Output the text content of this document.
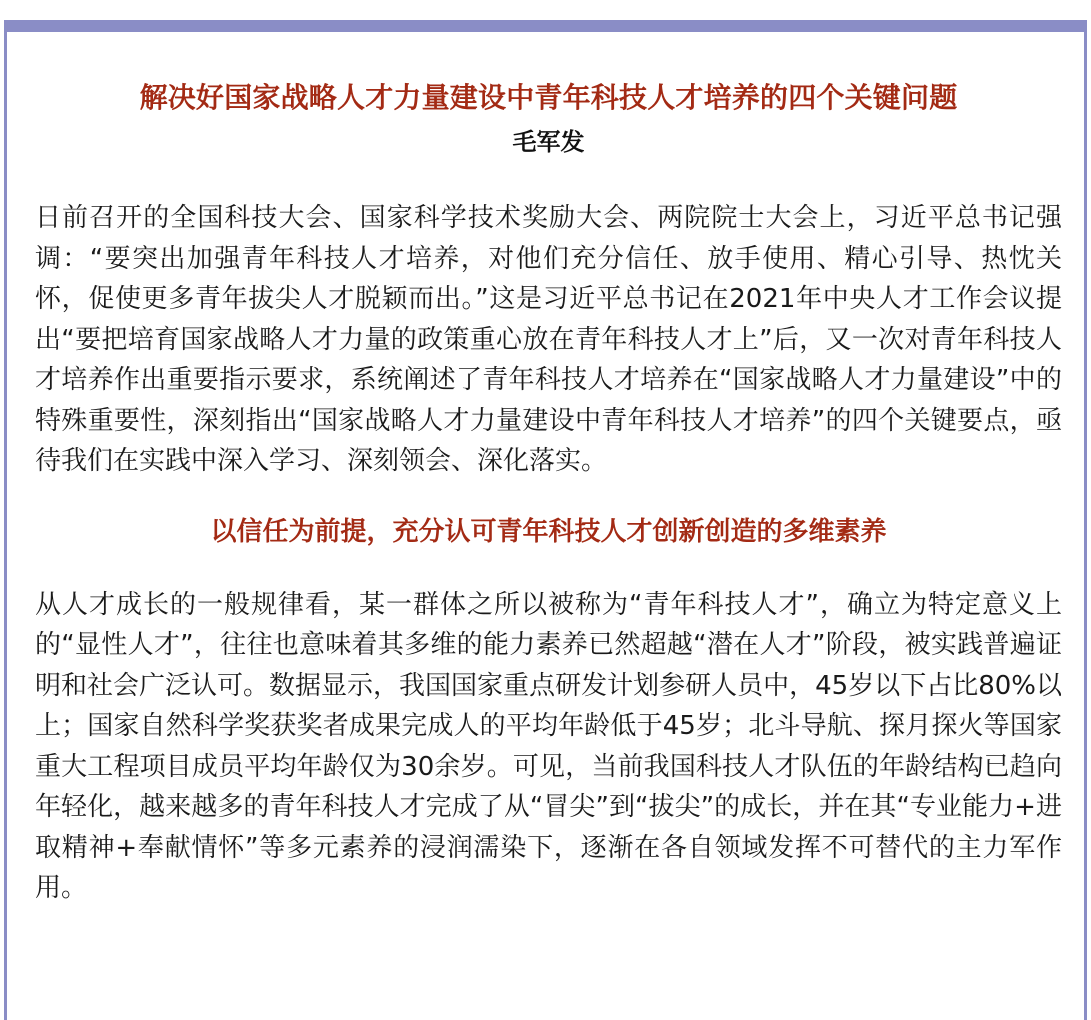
解决好国家战略人才力量建设中青年科技人才培养的四个关键问题
毛军发

日前召开的全国科技大会、国家科学技术奖励大会、两院院士大会上，习近平总书记强调：“要突出加强青年科技人才培养，对他们充分信任、放手使用、精心引导、热忱关怀，促使更多青年拔尖人才脱颖而出。”这是习近平总书记在2021年中央人才工作会议提出“要把培育国家战略人才力量的政策重心放在青年科技人才上”后，又一次对青年科技人才培养作出重要指示要求，系统阐述了青年科技人才培养在“国家战略人才力量建设”中的特殊重要性，深刻指出“国家战略人才力量建设中青年科技人才培养”的四个关键要点，亟待我们在实践中深入学习、深刻领会、深化落实。

以信任为前提，充分认可青年科技人才创新创造的多维素养

从人才成长的一般规律看，某一群体之所以被称为“青年科技人才”，确立为特定意义上的“显性人才”，往往也意味着其多维的能力素养已然超越“潜在人才”阶段，被实践普遍证明和社会广泛认可。数据显示，我国国家重点研发计划参研人员中，45岁以下占比80%以上；国家自然科学奖获奖者成果完成人的平均年龄低于45岁；北斗导航、探月探火等国家重大工程项目成员平均年龄仅为30余岁。可见，当前我国科技人才队伍的年龄结构已趋向年轻化，越来越多的青年科技人才完成了从“冒尖”到“拔尖”的成长，并在其“专业能力+进取精神+奉献情怀”等多元素养的浸润濡染下，逐渐在各自领域发挥不可替代的主力军作用。
